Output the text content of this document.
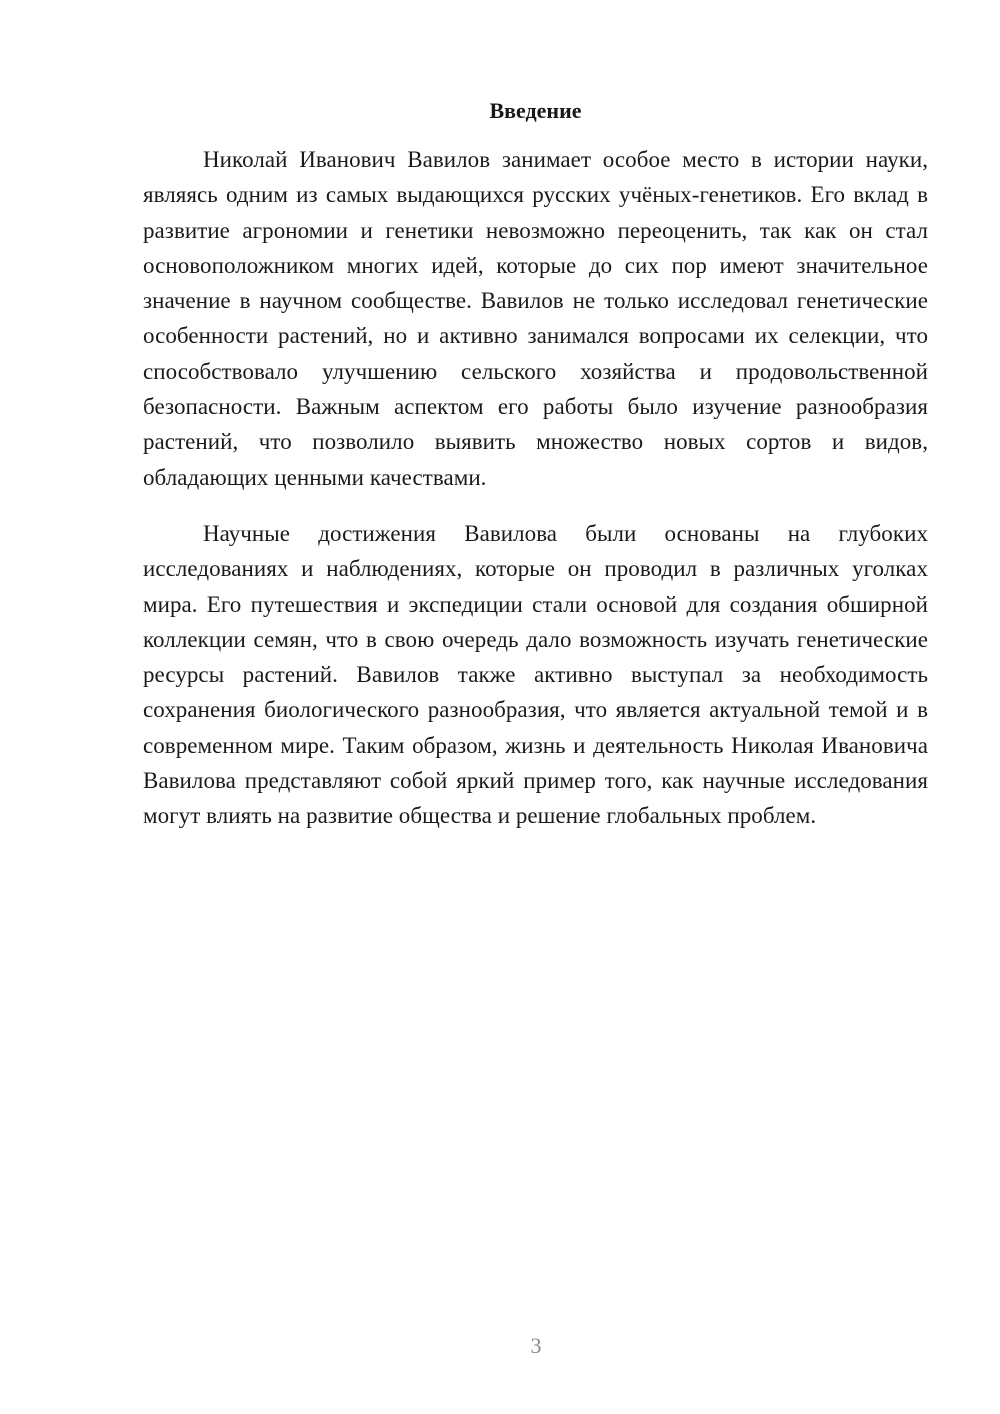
Введение

Николай Иванович Вавилов занимает особое место в истории науки, являясь одним из самых выдающихся русских учёных-генетиков. Его вклад в развитие агрономии и генетики невозможно переоценить, так как он стал основоположником многих идей, которые до сих пор имеют значительное значение в научном сообществе. Вавилов не только исследовал генетические особенности растений, но и активно занимался вопросами их селекции, что способствовало улучшению сельского хозяйства и продовольственной безопасности. Важным аспектом его работы было изучение разнообразия растений, что позволило выявить множество новых сортов и видов, обладающих ценными качествами.

Научные достижения Вавилова были основаны на глубоких исследованиях и наблюдениях, которые он проводил в различных уголках мира. Его путешествия и экспедиции стали основой для создания обширной коллекции семян, что в свою очередь дало возможность изучать генетические ресурсы растений. Вавилов также активно выступал за необходимость сохранения биологического разнообразия, что является актуальной темой и в современном мире. Таким образом, жизнь и деятельность Николая Ивановича Вавилова представляют собой яркий пример того, как научные исследования могут влиять на развитие общества и решение глобальных проблем.

3
